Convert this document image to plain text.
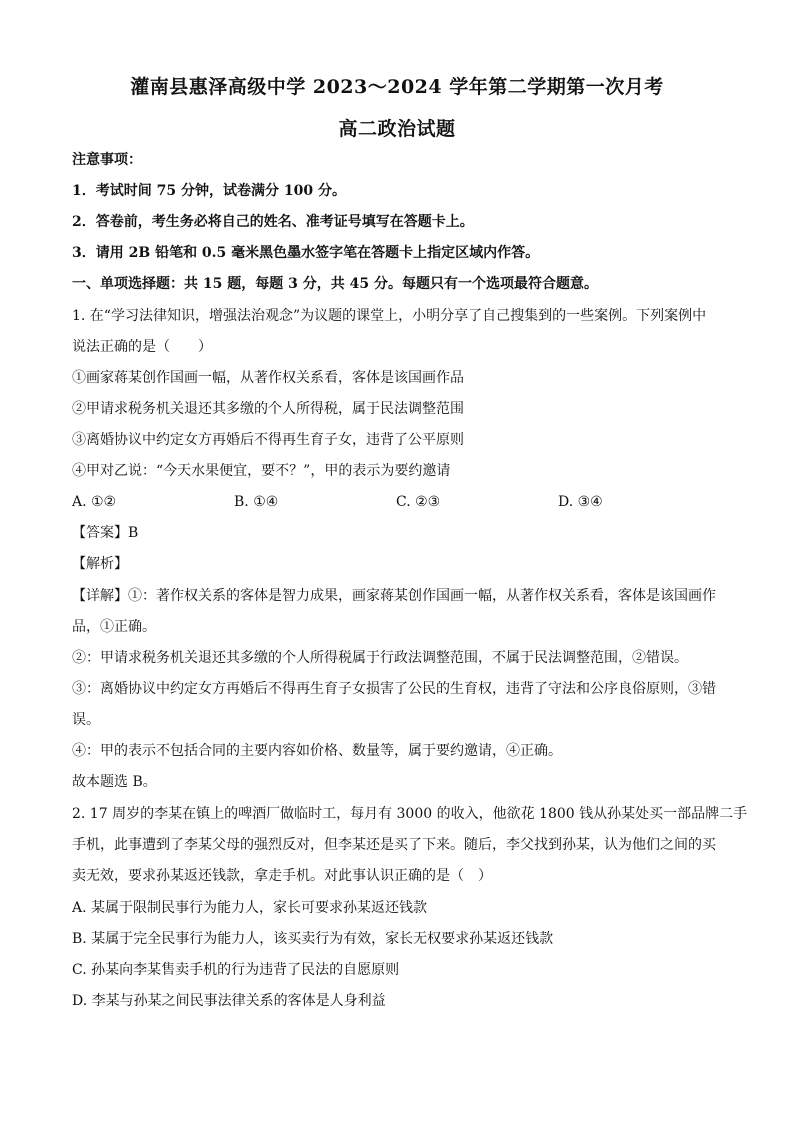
灌南县惠泽高级中学 2023～2024 学年第二学期第一次月考
高二政治试题
注意事项：
1．考试时间 75 分钟，试卷满分 100 分。
2．答卷前，考生务必将自己的姓名、准考证号填写在答题卡上。
3．请用 2B 铅笔和 0.5 毫米黑色墨水签字笔在答题卡上指定区域内作答。
一、单项选择题：共 15 题，每题 3 分，共 45 分。每题只有一个选项最符合题意。
1. 在“学习法律知识，增强法治观念”为议题的课堂上，小明分享了自己搜集到的一些案例。下列案例中
说法正确的是（　　）
①画家蒋某创作国画一幅，从著作权关系看，客体是该国画作品
②甲请求税务机关退还其多缴的个人所得税，属于民法调整范围
③离婚协议中约定女方再婚后不得再生育子女，违背了公平原则
④甲对乙说：“今天水果便宜，要不？”，甲的表示为要约邀请
A. ①②	B. ①④	C. ②③	D. ③④
【答案】B
【解析】
【详解】①：著作权关系的客体是智力成果，画家蒋某创作国画一幅，从著作权关系看，客体是该国画作
品，①正确。
②：甲请求税务机关退还其多缴的个人所得税属于行政法调整范围，不属于民法调整范围，②错误。
③：离婚协议中约定女方再婚后不得再生育子女损害了公民的生育权，违背了守法和公序良俗原则，③错
误。
④：甲的表示不包括合同的主要内容如价格、数量等，属于要约邀请，④正确。
故本题选 B。
2. 17 周岁的李某在镇上的啤酒厂做临时工，每月有 3000 的收入，他欲花 1800 钱从孙某处买一部品牌二手
手机，此事遭到了李某父母的强烈反对，但李某还是买了下来。随后，李父找到孙某，认为他们之间的买
卖无效，要求孙某返还钱款，拿走手机。对此事认识正确的是（　）
A. 某属于限制民事行为能力人，家长可要求孙某返还钱款
B. 某属于完全民事行为能力人，该买卖行为有效，家长无权要求孙某返还钱款
C. 孙某向李某售卖手机的行为违背了民法的自愿原则
D. 李某与孙某之间民事法律关系的客体是人身利益
